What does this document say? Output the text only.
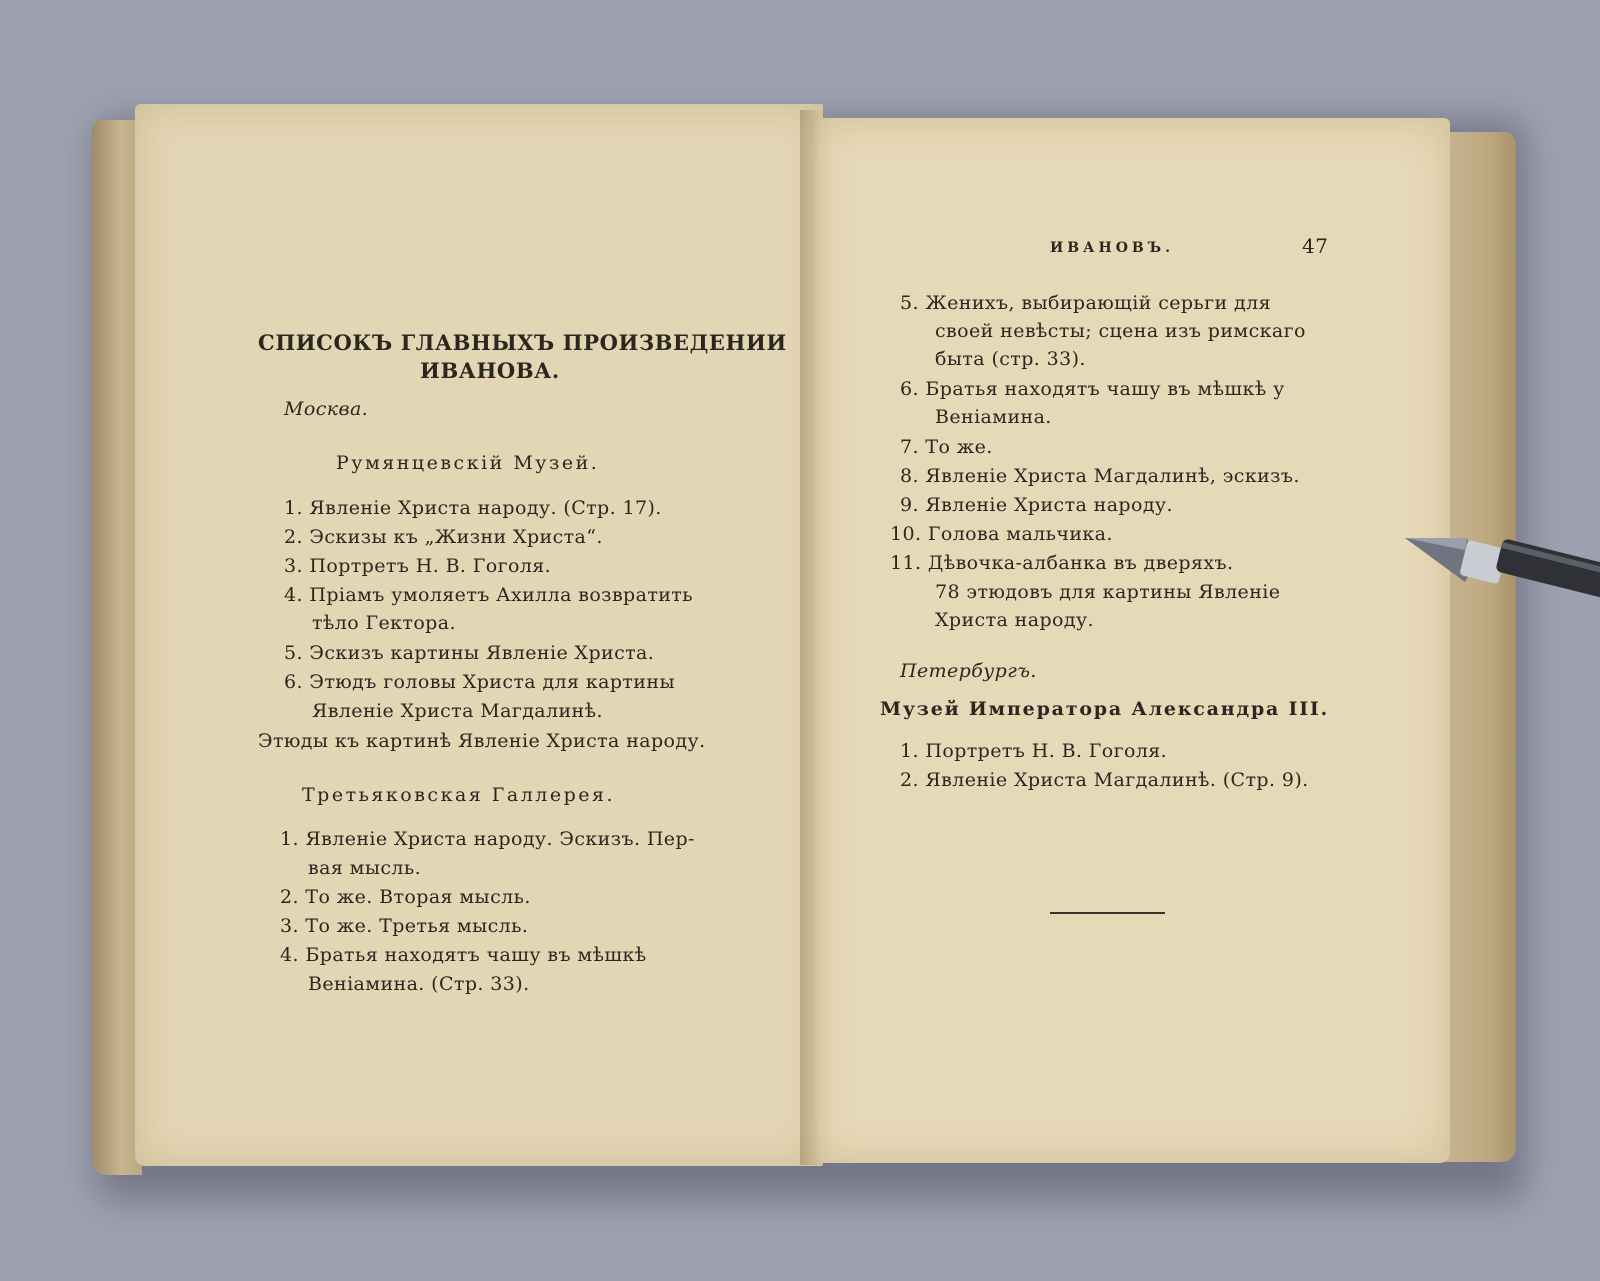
СПИСОКЪ ГЛАВНЫХЪ ПРОИЗВЕДЕНИИ
ИВАНОВА.
Москва.
Румянцевскій Музей.
1. Явленіе Христа народу. (Стр. 17).
2. Эскизы къ „Жизни Христа“.
3. Портретъ Н. В. Гоголя.
4. Пріамъ умоляетъ Ахилла возвратить
тѣло Гектора.
5. Эскизъ картины Явленіе Христа.
6. Этюдъ головы Христа для картины
Явленіе Христа Магдалинѣ.
Этюды къ картинѣ Явленіе Христа народу.
Третьяковская Галлерея.
1. Явленіе Христа народу. Эскизъ. Пер-
вая мысль.
2. То же. Вторая мысль.
3. То же. Третья мысль.
4. Братья находятъ чашу въ мѣшкѣ
Веніамина. (Стр. 33).
ИВАНОВЪ.	47
5. Женихъ, выбирающій серьги для
своей невѣсты; сцена изъ римскаго
быта (стр. 33).
6. Братья находятъ чашу въ мѣшкѣ у
Веніамина.
7. То же.
8. Явленіе Христа Магдалинѣ, эскизъ.
9. Явленіе Христа народу.
10. Голова мальчика.
11. Дѣвочка-албанка въ дверяхъ.
78 этюдовъ для картины Явленіе
Христа народу.
Петербургъ.
Музей Императора Александра III.
1. Портретъ Н. В. Гоголя.
2. Явленіе Христа Магдалинѣ. (Стр. 9).
